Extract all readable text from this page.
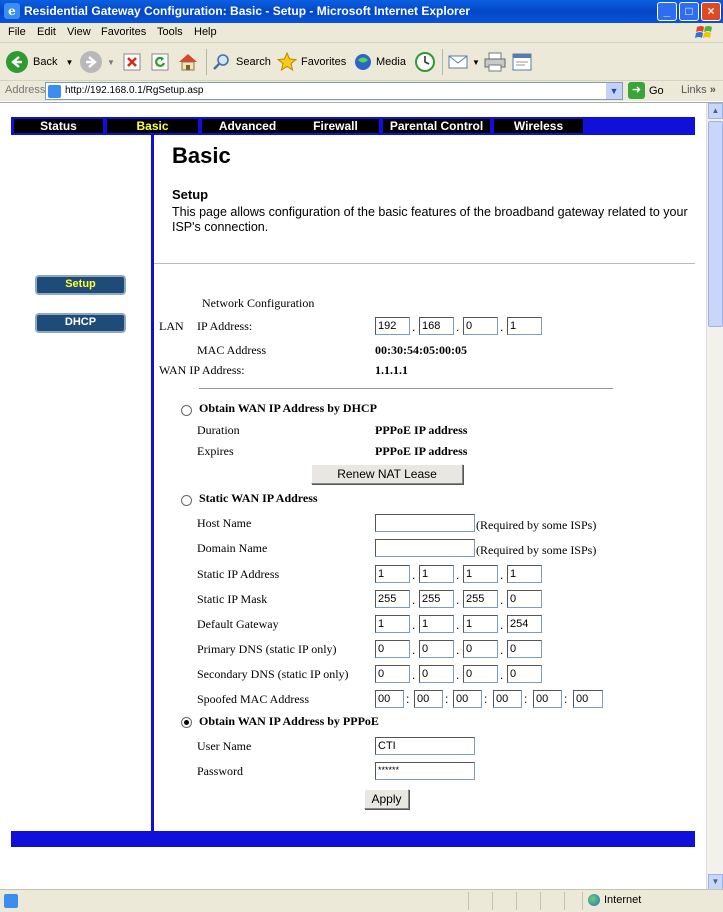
e Residential Gateway Configuration: Basic - Setup - Microsoft Internet Explorer	_	□	×
File Edit View Favorites Tools Help
Back ▼	▼	Search	Favorites	Media	▼
Address http://192.168.0.1/RgSetup.asp	▼	➜ Go Links »
Status	Basic	Advanced	Firewall	Parental Control	Wireless
Setup
DHCP
Basic
Setup
This page allows configuration of the basic features of the broadband gateway related to your ISP's connection.
Network Configuration
LAN IP Address:	192	. 168	. 0	. 1
MAC Address	00:30:54:05:00:05
WAN IP Address:	1.1.1.1
Obtain WAN IP Address by DHCP
Duration	PPPoE IP address
Expires	PPPoE IP address
Renew NAT Lease
Static WAN IP Address
Host Name	(Required by some ISPs)
Domain Name	(Required by some ISPs)
Static IP Address	1	. 1	. 1	. 1
Static IP Mask	255	. 255	. 255	. 0
Default Gateway	1	. 1	. 1	. 254
Primary DNS (static IP only)	0	. 0	. 0	. 0
Secondary DNS (static IP only)	0	. 0	. 0	. 0
Spoofed MAC Address	00	: 00	: 00	: 00	: 00	: 00
Obtain WAN IP Address by PPPoE
User Name	CTI
Password	******
Apply
▲
▼
Internet
